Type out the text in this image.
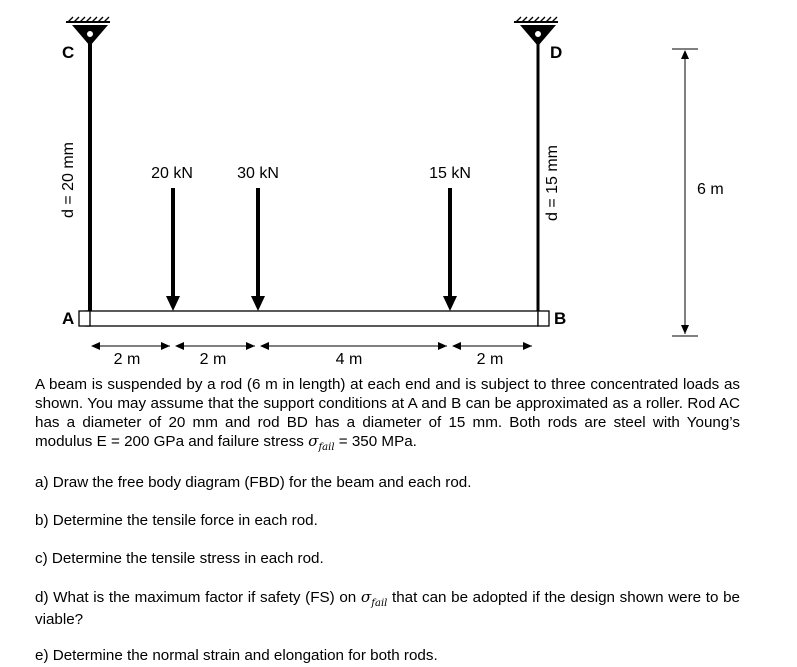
C	D
d = 20 mm	d = 15 mm
A	B
20 kN	30 kN	15 kN
2 m	2 m	4 m	2 m
6 m
A beam is suspended by a rod (6 m in length) at each end and is subject to three concentrated loads as shown. You may assume that the support conditions at A and B can be approximated as a roller. Rod AC has a diameter of 20 mm and rod BD has a diameter of 15 mm. Both rods are steel with Young’s modulus E = 200 GPa and failure stress $\sigma_{fail} = 350$ MPa.
a) Draw the free body diagram (FBD) for the beam and each rod.
b) Determine the tensile force in each rod.
c) Determine the tensile stress in each rod.
d) What is the maximum factor if safety (FS) on $\sigma_{fail}$ that can be adopted if the design shown were to be viable?
e) Determine the normal strain and elongation for both rods.
